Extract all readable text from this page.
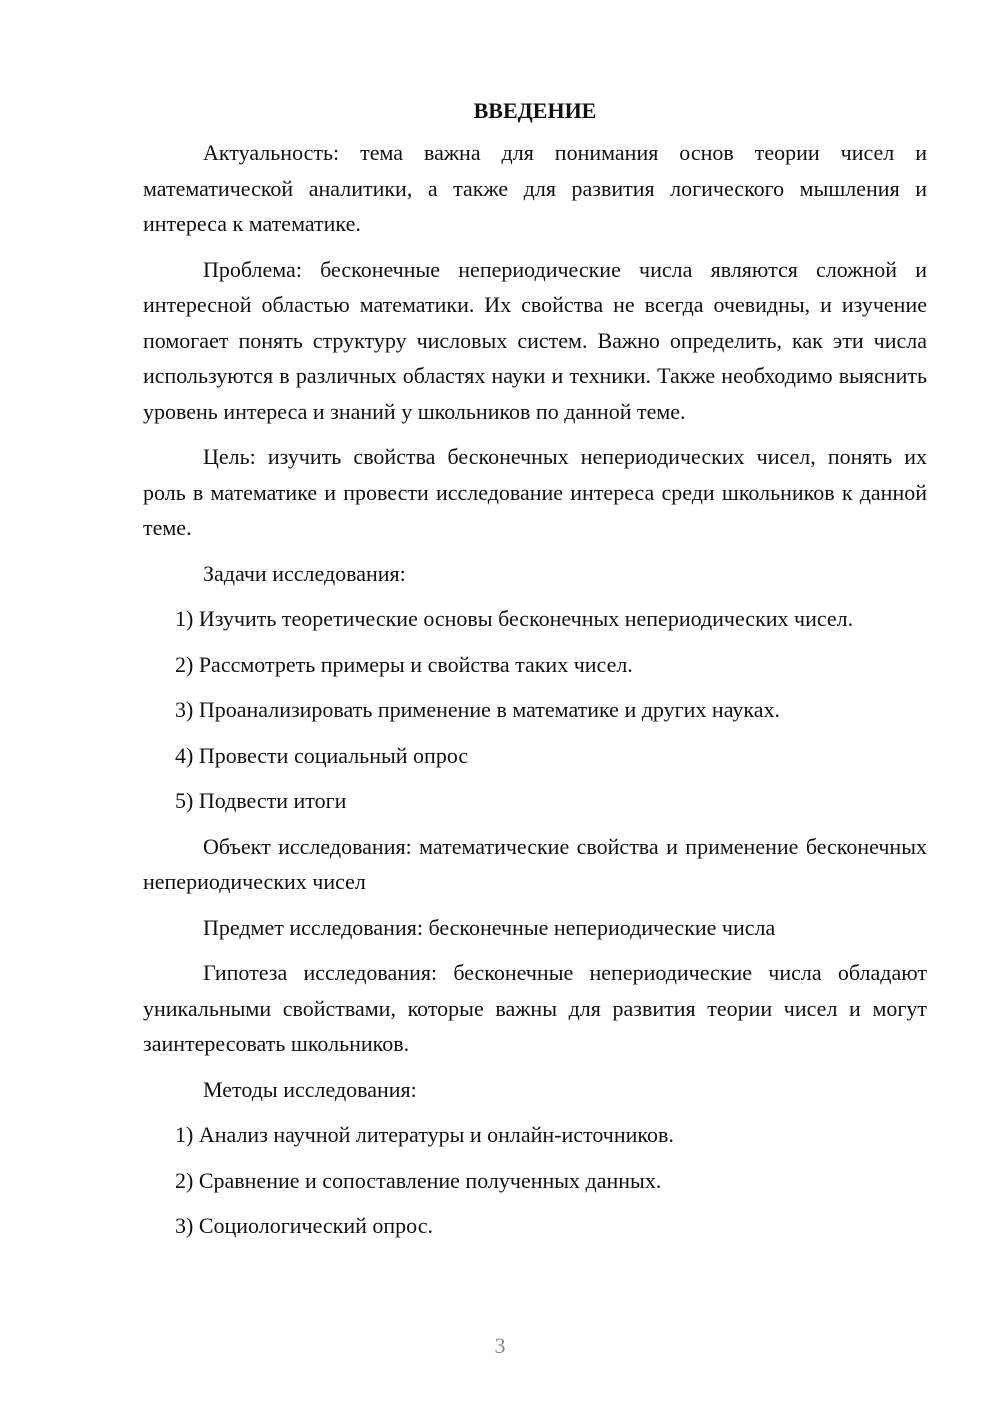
ВВЕДЕНИЕ

Актуальность: тема важна для понимания основ теории чисел и математической аналитики, а также для развития логического мышления и интереса к математике.

Проблема: бесконечные непериодические числа являются сложной и интересной областью математики. Их свойства не всегда очевидны, и изучение помогает понять структуру числовых систем. Важно определить, как эти числа используются в различных областях науки и техники. Также необходимо выяснить уровень интереса и знаний у школьников по данной теме.

Цель: изучить свойства бесконечных непериодических чисел, понять их роль в математике и провести исследование интереса среди школьников к данной теме.

Задачи исследования:

1) Изучить теоретические основы бесконечных непериодических чисел.

2) Рассмотреть примеры и свойства таких чисел.

3) Проанализировать применение в математике и других науках.

4) Провести социальный опрос

5) Подвести итоги

Объект исследования: математические свойства и применение бесконечных непериодических чисел

Предмет исследования: бесконечные непериодические числа

Гипотеза исследования: бесконечные непериодические числа обладают уникальными свойствами, которые важны для развития теории чисел и могут заинтересовать школьников.

Методы исследования:

1) Анализ научной литературы и онлайн-источников.

2) Сравнение и сопоставление полученных данных.

3) Социологический опрос.

3
